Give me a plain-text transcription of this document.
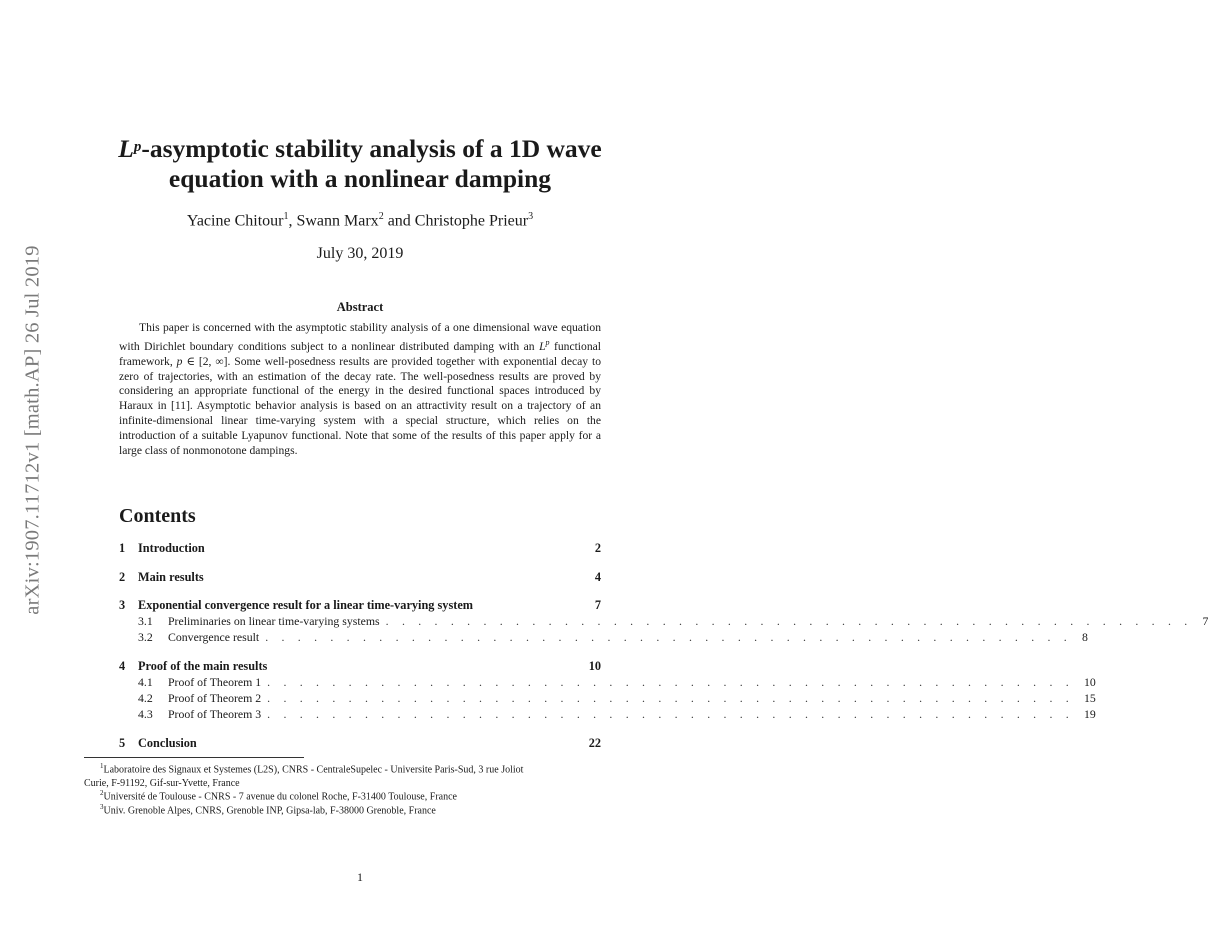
arXiv:1907.11712v1 [math.AP] 26 Jul 2019
$L^p$-asymptotic stability analysis of a 1D wave
equation with a nonlinear damping
Yacine Chitour$^1$, Swann Marx$^2$ and Christophe Prieur$^3$
July 30, 2019
Abstract
This paper is concerned with the asymptotic stability analysis of a one dimensional wave equation with Dirichlet boundary conditions subject to a nonlinear distributed damping with an $L^p$ functional framework, p ∈ [2, ∞]. Some well-posedness results are provided together with exponential decay to zero of trajectories, with an estimation of the decay rate. The well-posedness results are proved by considering an appropriate functional of the energy in the desired functional spaces introduced by Haraux in [11]. Asymptotic behavior analysis is based on an attractivity result on a trajectory of an infinite-dimensional linear time-varying system with a special structure, which relies on the introduction of a suitable Lyapunov functional. Note that some of the results of this paper apply for a large class of nonmonotone dampings.
Contents
1 Introduction	2
2 Main results	4
3 Exponential convergence result for a linear time-varying system	7
3.1	Preliminaries on linear time-varying systems . . . . . . . . . . . . . . . . . . . . . . . . . . . . . . . . . . . . . . . . . . . . . . . . . . 7
3.2	Convergence result . . . . . . . . . . . . . . . . . . . . . . . . . . . . . . . . . . . . . . . . . . . . . . . . . . 8
4 Proof of the main results	10
4.1	Proof of Theorem 1 . . . . . . . . . . . . . . . . . . . . . . . . . . . . . . . . . . . . . . . . . . . . . . . . . . 10
4.2	Proof of Theorem 2 . . . . . . . . . . . . . . . . . . . . . . . . . . . . . . . . . . . . . . . . . . . . . . . . . . 15
4.3	Proof of Theorem 3 . . . . . . . . . . . . . . . . . . . . . . . . . . . . . . . . . . . . . . . . . . . . . . . . . . 19
5 Conclusion	22
$^1$Laboratoire des Signaux et Systemes (L2S), CNRS - CentraleSupelec - Universite Paris-Sud, 3 rue Joliot
Curie, F-91192, Gif-sur-Yvette, France
$^2$Université de Toulouse - CNRS - 7 avenue du colonel Roche, F-31400 Toulouse, France
$^3$Univ. Grenoble Alpes, CNRS, Grenoble INP, Gipsa-lab, F-38000 Grenoble, France
1
